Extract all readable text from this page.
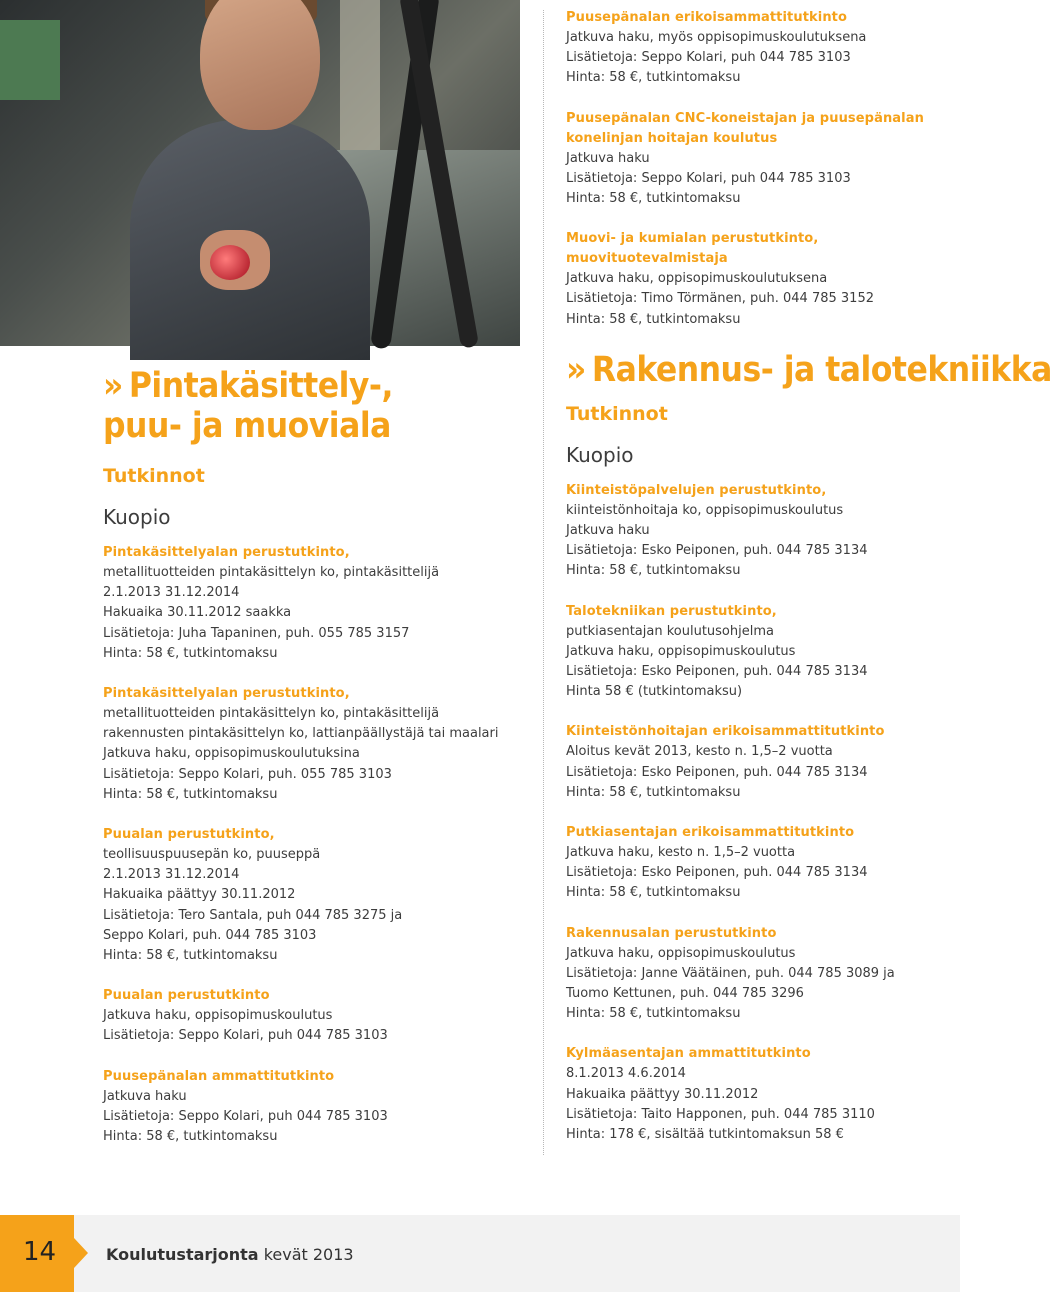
» Pintakäsittely-,
puu- ja muoviala
Tutkinnot
Kuopio
Pintakäsittelyalan perustutkinto,
metallituotteiden pintakäsittelyn ko, pintakäsittelijä
2.1.2013 31.12.2014
Hakuaika 30.11.2012 saakka
Lisätietoja: Juha Tapaninen, puh. 055 785 3157
Hinta: 58 €, tutkintomaksu
Pintakäsittelyalan perustutkinto,
metallituotteiden pintakäsittelyn ko, pintakäsittelijä
rakennusten pintakäsittelyn ko, lattianpäällystäjä tai maalari
Jatkuva haku, oppisopimuskoulutuksina
Lisätietoja: Seppo Kolari, puh. 055 785 3103
Hinta: 58 €, tutkintomaksu
Puualan perustutkinto,
teollisuuspuusepän ko, puuseppä
2.1.2013 31.12.2014
Hakuaika päättyy 30.11.2012
Lisätietoja: Tero Santala, puh 044 785 3275 ja
Seppo Kolari, puh. 044 785 3103
Hinta: 58 €, tutkintomaksu
Puualan perustutkinto
Jatkuva haku, oppisopimuskoulutus
Lisätietoja: Seppo Kolari, puh 044 785 3103
Puusepänalan ammattitutkinto
Jatkuva haku
Lisätietoja: Seppo Kolari, puh 044 785 3103
Hinta: 58 €, tutkintomaksu
Puusepänalan erikoisammattitutkinto
Jatkuva haku, myös oppisopimuskoulutuksena
Lisätietoja: Seppo Kolari, puh 044 785 3103
Hinta: 58 €, tutkintomaksu
Puusepänalan CNC-koneistajan ja puusepänalan
konelinjan hoitajan koulutus
Jatkuva haku
Lisätietoja: Seppo Kolari, puh 044 785 3103
Hinta: 58 €, tutkintomaksu
Muovi- ja kumialan perustutkinto, muovituotevalmistaja
Jatkuva haku, oppisopimuskoulutuksena
Lisätietoja: Timo Törmänen, puh. 044 785 3152
Hinta: 58 €, tutkintomaksu
» Rakennus- ja talotekniikka
Tutkinnot
Kuopio
Kiinteistöpalvelujen perustutkinto,
kiinteistönhoitaja ko, oppisopimuskoulutus
Jatkuva haku
Lisätietoja: Esko Peiponen, puh. 044 785 3134
Hinta: 58 €, tutkintomaksu
Talotekniikan perustutkinto,
putkiasentajan koulutusohjelma
Jatkuva haku, oppisopimuskoulutus
Lisätietoja: Esko Peiponen, puh. 044 785 3134
Hinta 58 € (tutkintomaksu)
Kiinteistönhoitajan erikoisammattitutkinto
Aloitus kevät 2013, kesto n. 1,5–2 vuotta
Lisätietoja: Esko Peiponen, puh. 044 785 3134
Hinta: 58 €, tutkintomaksu
Putkiasentajan erikoisammattitutkinto
Jatkuva haku, kesto n. 1,5–2 vuotta
Lisätietoja: Esko Peiponen, puh. 044 785 3134
Hinta: 58 €, tutkintomaksu
Rakennusalan perustutkinto
Jatkuva haku, oppisopimuskoulutus
Lisätietoja: Janne Väätäinen, puh. 044 785 3089 ja
Tuomo Kettunen, puh. 044 785 3296
Hinta: 58 €, tutkintomaksu
Kylmäasentajan ammattitutkinto
8.1.2013 4.6.2014
Hakuaika päättyy 30.11.2012
Lisätietoja: Taito Happonen, puh. 044 785 3110
Hinta: 178 €, sisältää tutkintomaksun 58 €
14	Koulutustarjonta kevät 2013
